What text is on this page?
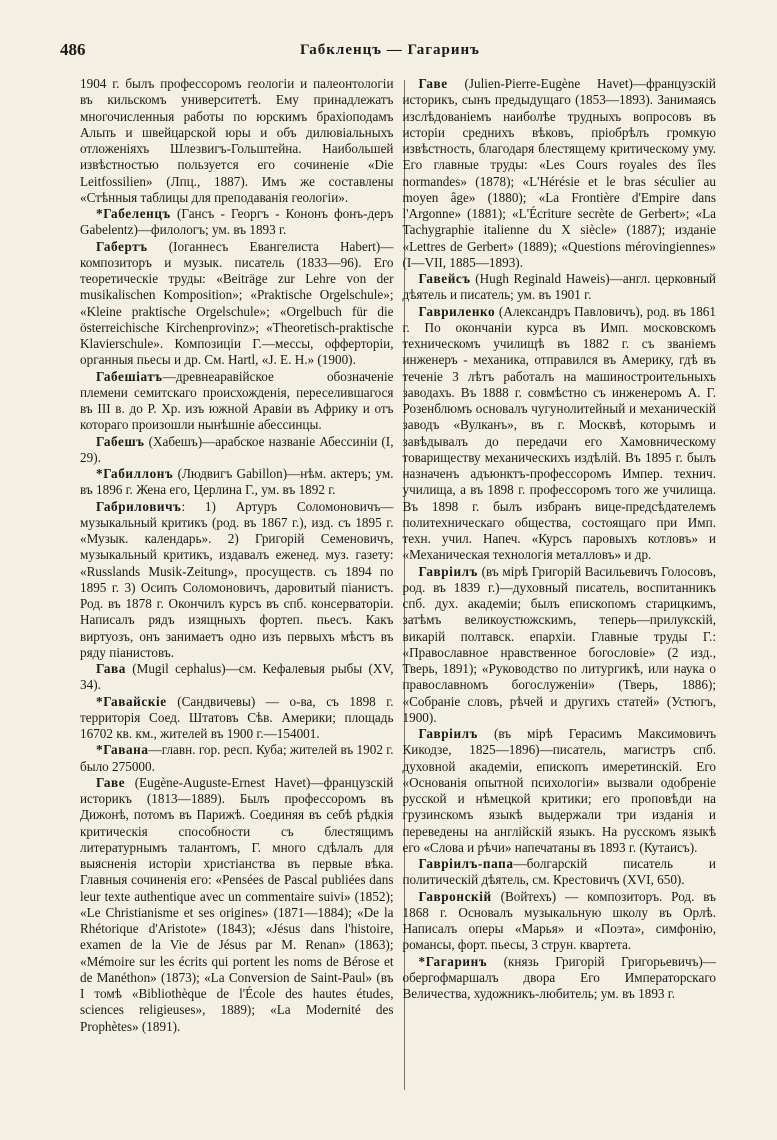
486	Габкленцъ — Гагаринъ

1904 г. былъ профессоромъ геологіи и палеонтологіи въ кильскомъ университетѣ. Ему принадлежатъ многочисленныя работы по юрскимъ брахіоподамъ Альпъ и швейцарской юры и объ дилювіальныхъ отложеніяхъ Шлезвигъ-Гольштейна. Наибольшей извѣстностью пользуется его сочиненіе «Die Leitfossilien» (Лпц., 1887). Имъ же составлены «Стѣнныя таблицы для преподаванія геологіи».

*Габеленцъ (Гансъ - Георгъ - Кононъ фонъ-деръ Gabelentz)—филологъ; ум. въ 1893 г.

Габертъ (Іоганнесъ Евангелиста Habert)—композиторъ и музык. писатель (1833—96). Его теоретическіе труды: «Beiträge zur Lehre von der musikalischen Komposition»; «Praktische Orgelschule»; «Kleine praktische Orgelschule»; «Orgelbuch für die österreichische Kirchenprovinz»; «Theoretisch-praktische Klavierschule». Композиціи Г.—мессы, офферторіи, органныя пьесы и др. См. Hartl, «J. E. H.» (1900).

Габешіатъ—древнеаравійское обозначеніе племени семитскаго происхожденія, переселившагося въ III в. до Р. Хр. изъ южной Аравіи въ Африку и отъ котораго произошли нынѣшніе абессинцы.

Габешъ (Хабешъ)—арабское названіе Абессиніи (I, 29).

*Габиллонъ (Людвигъ Gabillon)—нѣм. актеръ; ум. въ 1896 г. Жена его, Церлина Г., ум. въ 1892 г.

Габриловичъ: 1) Артуръ Соломоновичъ—музыкальный критикъ (род. въ 1867 г.), изд. съ 1895 г. «Музык. календарь». 2) Григорій Семеновичъ, музыкальный критикъ, издавалъ еженед. муз. газету: «Russlands Musik-Zeitung», просуществ. съ 1894 по 1895 г. 3) Осипъ Соломоновичъ, даровитый піанистъ. Род. въ 1878 г. Окончилъ курсъ въ спб. консерваторіи. Написалъ рядъ изящныхъ фортеп. пьесъ. Какъ виртуозъ, онъ занимаетъ одно изъ первыхъ мѣстъ въ ряду піанистовъ.

Гава (Mugil cephalus)—см. Кефалевыя рыбы (XV, 34).

*Гавайскіе (Сандвичевы) — о-ва, съ 1898 г. территорія Соед. Штатовъ Сѣв. Америки; площадь 16702 кв. км., жителей въ 1900 г.—154001.

*Гавана—главн. гор. респ. Куба; жителей въ 1902 г. было 275000.

Гаве (Eugène-Auguste-Ernest Havet)—французскій историкъ (1813—1889). Былъ профессоромъ въ Дижонѣ, потомъ въ Парижѣ. Соединяя въ себѣ рѣдкія критическія способности съ блестящимъ литературнымъ талантомъ, Г. много сдѣлалъ для выясненія исторіи христіанства въ первые вѣка. Главныя сочиненія его: «Pensées de Pascal publiées dans leur texte authentique avec un commentaire suivi» (1852); «Le Christianisme et ses origines» (1871—1884); «De la Rhétorique d'Aristote» (1843); «Jésus dans l'histoire, examen de la Vie de Jésus par M. Renan» (1863); «Mémoire sur les écrits qui portent les noms de Bérose et de Manéthon» (1873); «La Conversion de Saint-Paul» (въ I томѣ «Bibliothèque de l'École des hautes études, sciences religieuses», 1889); «La Modernité des Prophètes» (1891).

Гаве (Julien-Pierre-Eugène Havet)—французскій историкъ, сынъ предыдущаго (1853—1893). Занимаясь изслѣдованіемъ наиболѣе трудныхъ вопросовъ въ исторіи среднихъ вѣковъ, пріобрѣлъ громкую извѣстность, благодаря блестящему критическому уму. Его главные труды: «Les Cours royales des îles normandes» (1878); «L'Hérésie et le bras séculier au moyen âge» (1880); «La Frontière d'Empire dans l'Argonne» (1881); «L'Écriture secrète de Gerbert»; «La Tachygraphie italienne du X siècle» (1887); изданіе «Lettres de Gerbert» (1889); «Questions mérovingiennes» (I—VII, 1885—1893).

Гавейсъ (Hugh Reginald Haweis)—англ. церковный дѣятель и писатель; ум. въ 1901 г.

Гавриленко (Александръ Павловичъ), род. въ 1861 г. По окончаніи курса въ Имп. московскомъ техническомъ училищѣ въ 1882 г. съ званіемъ инженеръ - механика, отправился въ Америку, гдѣ въ теченіе 3 лѣтъ работалъ на машиностроительныхъ заводахъ. Въ 1888 г. совмѣстно съ инженеромъ А. Г. Розенблюмъ основалъ чугунолитейный и механическій заводъ «Вулканъ», въ г. Москвѣ, которымъ и завѣдывалъ до передачи его Хамовническому товариществу механическихъ издѣлій. Въ 1895 г. былъ назначенъ адъюнктъ-профессоромъ Импер. технич. училища, а въ 1898 г. профессоромъ того же училища. Въ 1898 г. былъ избранъ вице-предсѣдателемъ политехническаго общества, состоящаго при Имп. техн. учил. Напеч. «Курсъ паровыхъ котловъ» и «Механическая технологія металловъ» и др.

Гавріилъ (въ мірѣ Григорій Васильевичъ Голосовъ, род. въ 1839 г.)—духовный писатель, воспитанникъ спб. дух. академіи; былъ епископомъ старицкимъ, затѣмъ великоустюжскимъ, теперь—прилукскій, викарій полтавск. епархіи. Главные труды Г.: «Православное нравственное богословіе» (2 изд., Тверь, 1891); «Руководство по литургикѣ, или наука о православномъ богослуженіи» (Тверь, 1886); «Собраніе словъ, рѣчей и другихъ статей» (Устюгъ, 1900).

Гавріилъ (въ мірѣ Герасимъ Максимовичъ Кикодзе, 1825—1896)—писатель, магистръ спб. духовной академіи, епископъ имеретинскій. Его «Основанія опытной психологіи» вызвали одобреніе русской и нѣмецкой критики; его проповѣди на грузинскомъ языкѣ выдержали три изданія и переведены на англійскій языкъ. На русскомъ языкѣ его «Слова и рѣчи» напечатаны въ 1893 г. (Кутаисъ).

Гавріилъ-папа—болгарскій писатель и политическій дѣятель, см. Крестовичъ (XVI, 650).

Гавронскій (Войтехъ) — композиторъ. Род. въ 1868 г. Основалъ музыкальную школу въ Орлѣ. Написалъ оперы «Марья» и «Поэта», симфонію, романсы, форт. пьесы, 3 струн. квартета.

*Гагаринъ (князь Григорій Григорьевичъ)—обергофмаршалъ двора Его Императорскаго Величества, художникъ-любитель; ум. въ 1893 г.
